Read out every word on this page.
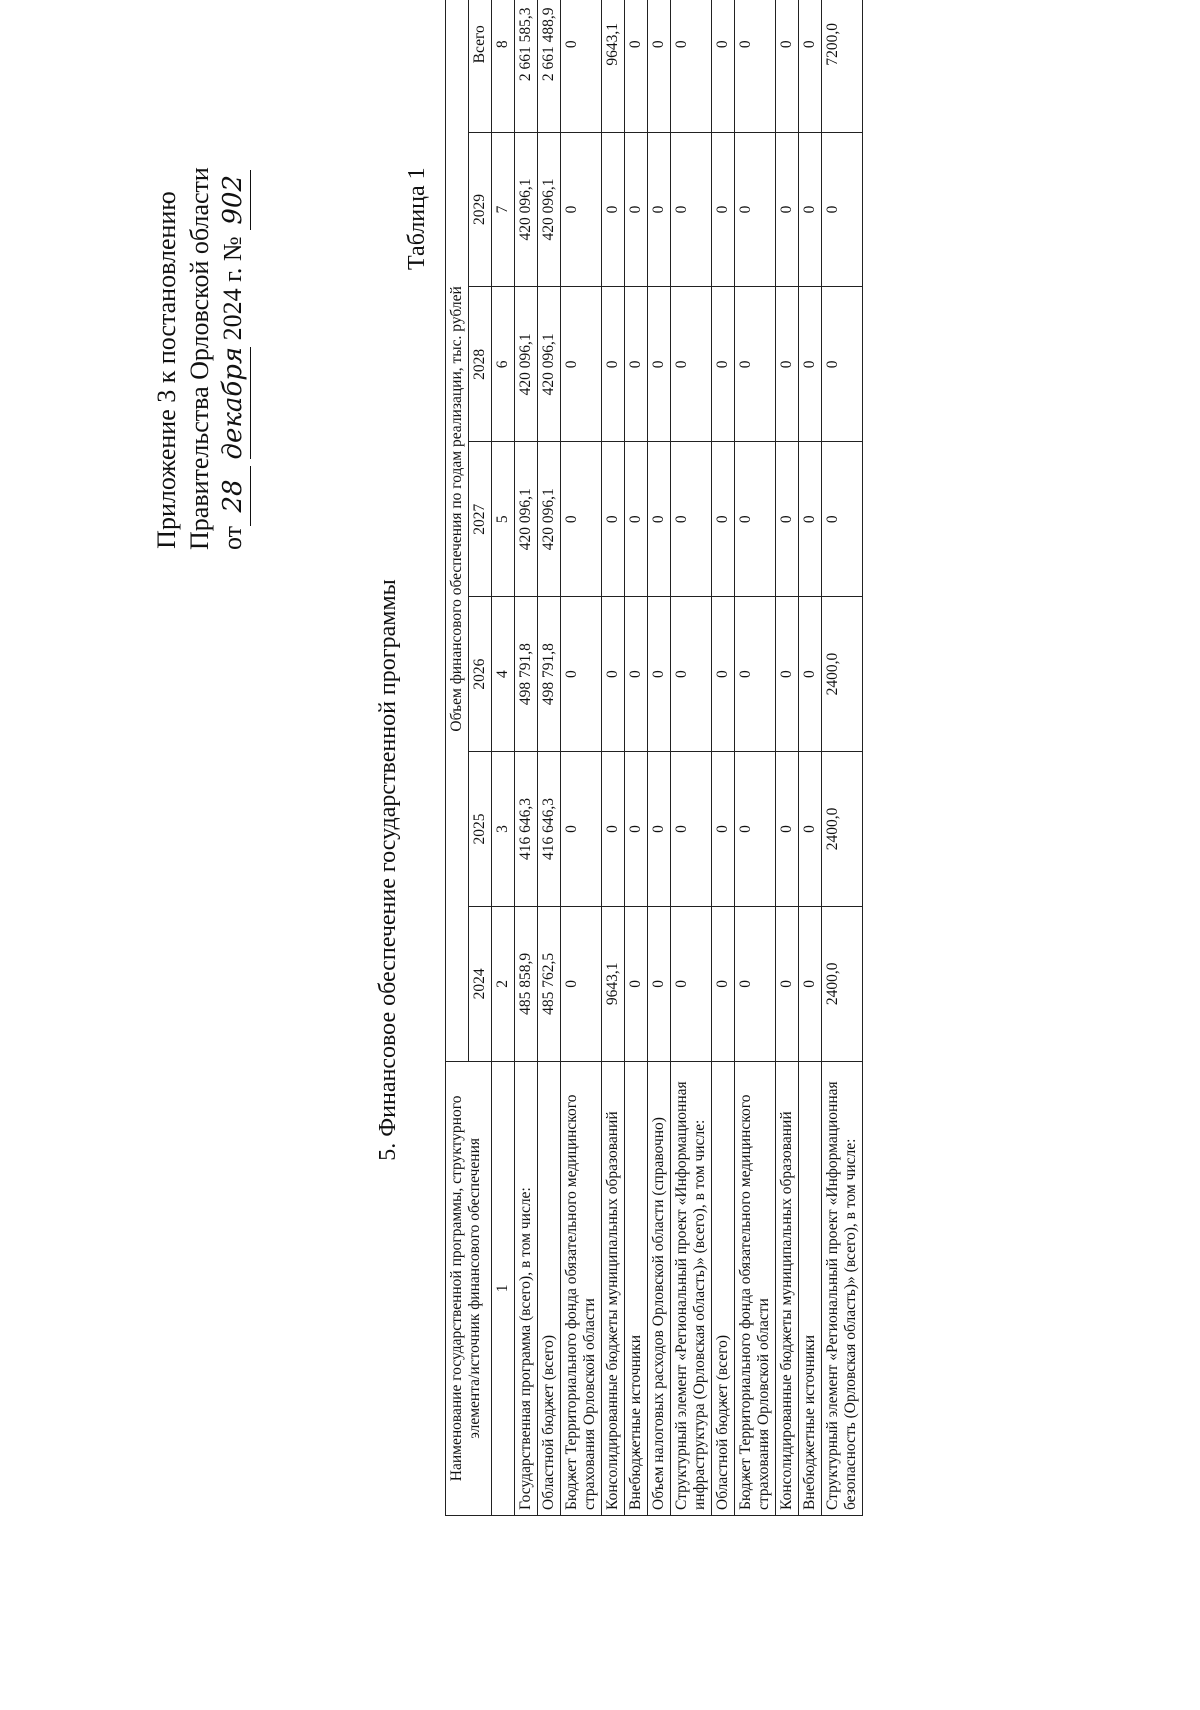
Приложение 3 к постановлению Правительства Орловской области от28 декабря 2024 г. № 902
5. Финансовое обеспечение государственной программы
Таблица 1
Наименование государственной программы, структурного элемента/источник финансового обеспечения	Объем финансового обеспечения по годам реализации, тыс. рублей						
	2024	2025	2026	2027	2028	2029	Всего
1	2	3	4	5	6	7	8
Государственная программа (всего), в том числе:	485 858,9	416 646,3	498 791,8	420 096,1	420 096,1	420 096,1	2 661 585,3
Областной бюджет (всего)	485 762,5	416 646,3	498 791,8	420 096,1	420 096,1	420 096,1	2 661 488,9
Бюджет Территориального фонда обязательного медицинского страхования Орловской области	0	0	0	0	0	0	0
Консолидированные бюджеты муниципальных образований	9643,1	0	0	0	0	0	9643,1
Внебюджетные источники	0	0	0	0	0	0	0
Объем налоговых расходов Орловской области (справочно)	0	0	0	0	0	0	0
Структурный элемент «Региональный проект «Информационная инфраструктура (Орловская область)» (всего), в том числе:	0	0	0	0	0	0	0
Областной бюджет (всего)	0	0	0	0	0	0	0
Бюджет Территориального фонда обязательного медицинского страхования Орловской области	0	0	0	0	0	0	0
Консолидированные бюджеты муниципальных образований	0	0	0	0	0	0	0
Внебюджетные источники	0	0	0	0	0	0	0
Структурный элемент «Региональный проект «Информационная безопасность (Орловская область)» (всего), в том числе:	2400,0	2400,0	2400,0	0	0	0	7200,0
